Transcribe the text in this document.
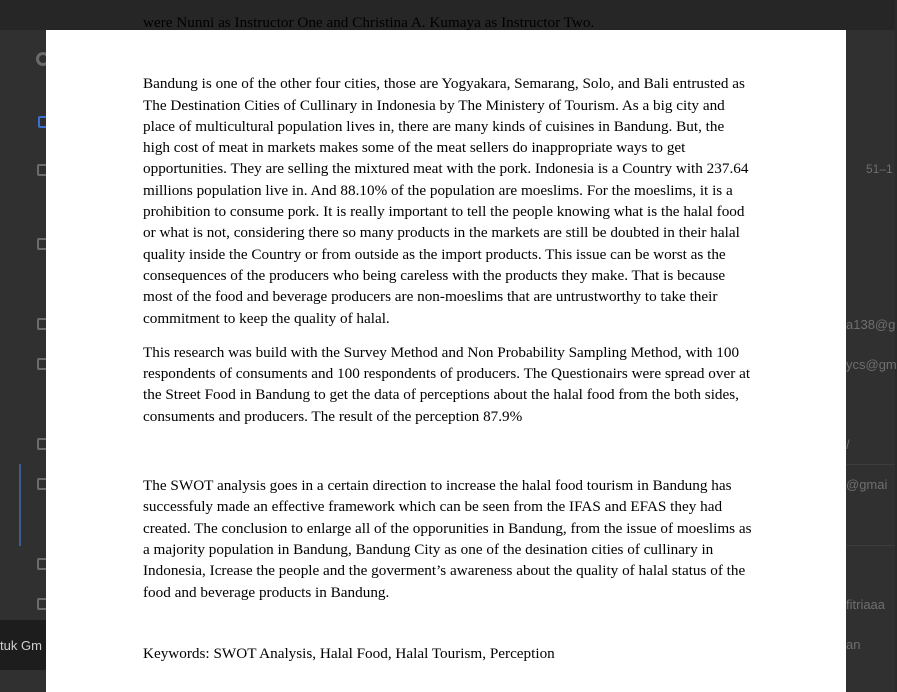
51–1
a138@g
ycs@gm
/
@gmai
fitriaaa
an
tuk Gm

were Nunni as Instructor One and Christina A. Kumaya as Instructor Two.

Bandung is one of the other four cities, those are Yogyakara, Semarang, Solo, and Bali entrusted as The Destination Cities of Cullinary in Indonesia by The Ministery of Tourism. As a big city and place of multicultural population lives in, there are many kinds of cuisines in Bandung. But, the high cost of meat in markets makes some of the meat sellers do inappropriate ways to get opportunities. They are selling the mixtured meat with the pork. Indonesia is a Country with 237.64 millions population live in. And 88.10% of the population are moeslims. For the moeslims, it is a prohibition to consume pork. It is really important to tell the people knowing what is the halal food or what is not, considering there so many products in the markets are still be doubted in their halal quality inside the Country or from outside as the import products. This issue can be worst as the consequences of the producers who being careless with the products they make. That is because most of the food and beverage producers are non-moeslims that are untrustworthy to take their commitment to keep the quality of halal.

This research was build with the Survey Method and Non Probability Sampling Method, with 100 respondents of consuments and 100 respondents of producers. The Questionairs were spread over at the Street Food in Bandung to get the data of perceptions about the halal food from the both sides, consuments and producers. The result of the perception 87.9%

The SWOT analysis goes in a certain direction to increase the halal food tourism in Bandung has successfuly made an effective framework which can be seen from the IFAS and EFAS they had created. The conclusion to enlarge all of the opporunities in Bandung, from the issue of moeslims as a majority population in Bandung, Bandung City as one of the desination cities of cullinary in Indonesia, Icrease the people and the goverment’s awareness about the quality of halal status of the food and beverage products in Bandung.

Keywords: SWOT Analysis, Halal Food, Halal Tourism, Perception
